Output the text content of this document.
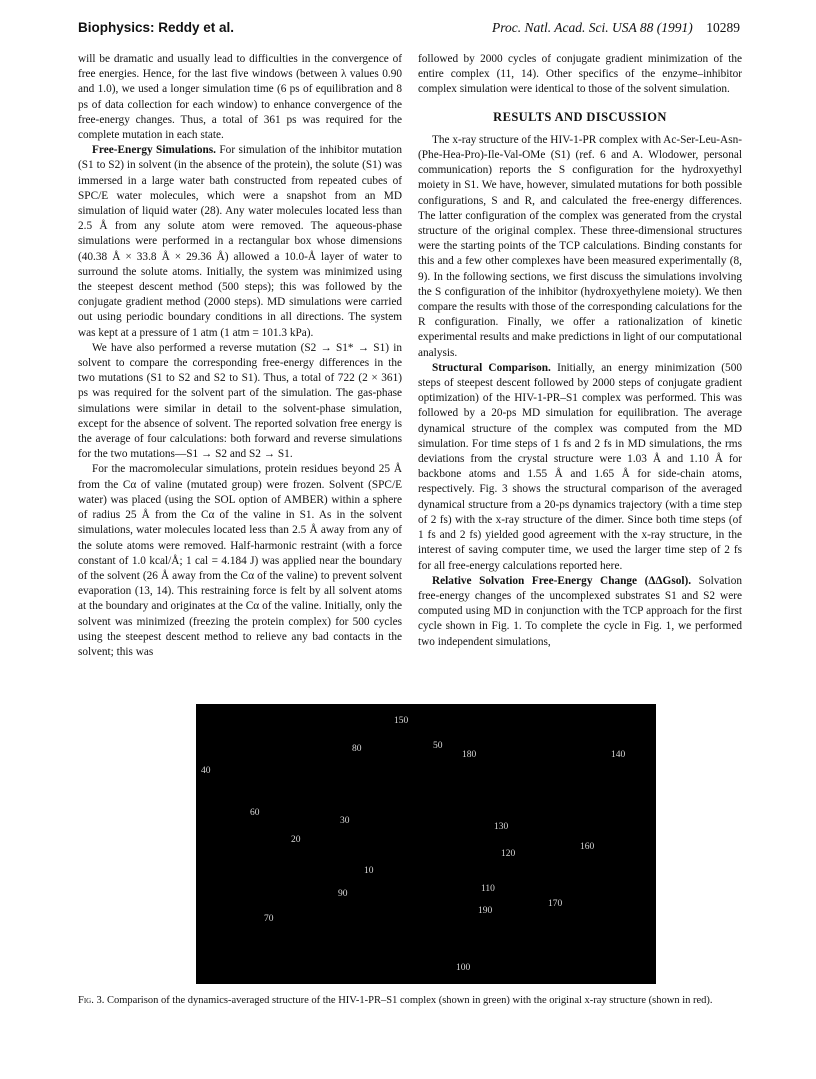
Biophysics: Reddy et al.	Proc. Natl. Acad. Sci. USA 88 (1991) 10289

will be dramatic and usually lead to difficulties in the convergence of free energies. Hence, for the last five windows (between λ values 0.90 and 1.0), we used a longer simulation time (6 ps of equilibration and 8 ps of data collection for each window) to enhance convergence of the free-energy changes. Thus, a total of 361 ps was required for the complete mutation in each state.

Free-Energy Simulations. For simulation of the inhibitor mutation (S1 to S2) in solvent (in the absence of the protein), the solute (S1) was immersed in a large water bath constructed from repeated cubes of SPC/E water molecules, which were a snapshot from an MD simulation of liquid water (28). Any water molecules located less than 2.5 Å from any solute atom were removed. The aqueous-phase simulations were performed in a rectangular box whose dimensions (40.38 Å × 33.8 Å × 29.36 Å) allowed a 10.0-Å layer of water to surround the solute atoms. Initially, the system was minimized using the steepest descent method (500 steps); this was followed by the conjugate gradient method (2000 steps). MD simulations were carried out using periodic boundary conditions in all directions. The system was kept at a pressure of 1 atm (1 atm = 101.3 kPa).

We have also performed a reverse mutation (S2 → S1* → S1) in solvent to compare the corresponding free-energy differences in the two mutations (S1 to S2 and S2 to S1). Thus, a total of 722 (2 × 361) ps was required for the solvent part of the simulation. The gas-phase simulations were similar in detail to the solvent-phase simulation, except for the absence of solvent. The reported solvation free energy is the average of four calculations: both forward and reverse simulations for the two mutations—S1 → S2 and S2 → S1.

For the macromolecular simulations, protein residues beyond 25 Å from the Cα of valine (mutated group) were frozen. Solvent (SPC/E water) was placed (using the SOL option of AMBER) within a sphere of radius 25 Å from the Cα of the valine in S1. As in the solvent simulations, water molecules located less than 2.5 Å away from any of the solute atoms were removed. Half-harmonic restraint (with a force constant of 1.0 kcal/Å; 1 cal = 4.184 J) was applied near the boundary of the solvent (26 Å away from the Cα of the valine) to prevent solvent evaporation (13, 14). This restraining force is felt by all solvent atoms at the boundary and originates at the Cα of the valine. Initially, only the solvent was minimized (freezing the protein complex) for 500 cycles using the steepest descent method to relieve any bad contacts in the solvent; this was

followed by 2000 cycles of conjugate gradient minimization of the entire complex (11, 14). Other specifics of the enzyme–inhibitor complex simulation were identical to those of the solvent simulation.

RESULTS AND DISCUSSION

The x-ray structure of the HIV-1-PR complex with Ac-Ser-Leu-Asn-(Phe-Hea-Pro)-Ile-Val-OMe (S1) (ref. 6 and A. Wlodower, personal communication) reports the S configuration for the hydroxyethyl moiety in S1. We have, however, simulated mutations for both possible configurations, S and R, and calculated the free-energy differences. The latter configuration of the complex was generated from the crystal structure of the original complex. These three-dimensional structures were the starting points of the TCP calculations. Binding constants for this and a few other complexes have been measured experimentally (8, 9). In the following sections, we first discuss the simulations involving the S configuration of the inhibitor (hydroxyethylene moiety). We then compare the results with those of the corresponding calculations for the R configuration. Finally, we offer a rationalization of kinetic experimental results and make predictions in light of our computational analysis.

Structural Comparison. Initially, an energy minimization (500 steps of steepest descent followed by 2000 steps of conjugate gradient optimization) of the HIV-1-PR–S1 complex was performed. This was followed by a 20-ps MD simulation for equilibration. The average dynamical structure of the complex was computed from the MD simulation. For time steps of 1 fs and 2 fs in MD simulations, the rms deviations from the crystal structure were 1.03 Å and 1.10 Å for backbone atoms and 1.55 Å and 1.65 Å for side-chain atoms, respectively. Fig. 3 shows the structural comparison of the averaged dynamical structure from a 20-ps dynamics trajectory (with a time step of 2 fs) with the x-ray structure of the dimer. Since both time steps (of 1 fs and 2 fs) yielded good agreement with the x-ray structure, in the interest of saving computer time, we used the larger time step of 2 fs for all free-energy calculations reported here.

Relative Solvation Free-Energy Change (ΔΔGsol). Solvation free-energy changes of the uncomplexed substrates S1 and S2 were computed using MD in conjunction with the TCP approach for the first cycle shown in Fig. 1. To complete the cycle in Fig. 1, we performed two independent simulations,

150
80	50
180	140
40
60
30
130
20
160
120
10
110
90
190
170
70
100
Fig. 3. Comparison of the dynamics-averaged structure of the HIV-1-PR–S1 complex (shown in green) with the original x-ray structure (shown in red).
